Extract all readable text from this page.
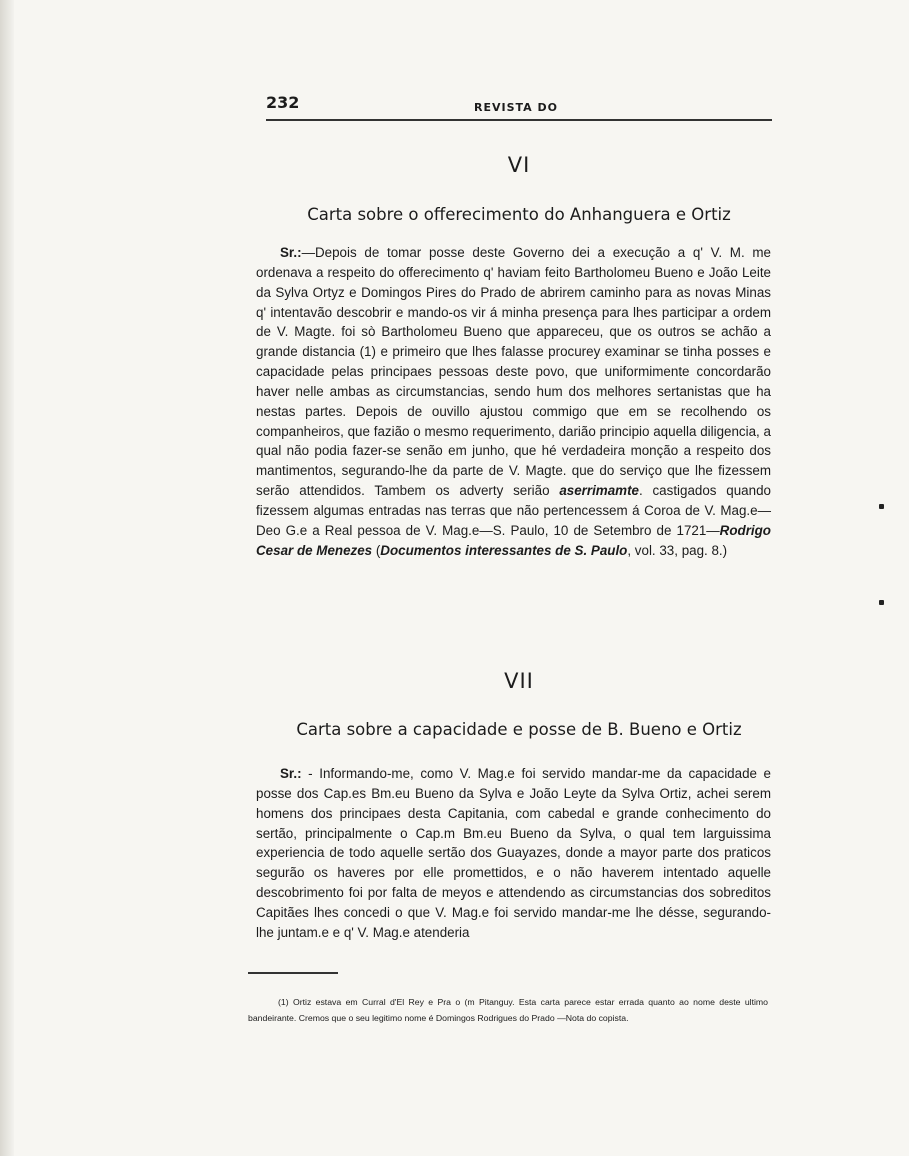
232	REVISTA DO
VI
Carta sobre o offerecimento do Anhanguera e Ortiz
Sr.:—Depois de tomar posse deste Governo dei a execução a q' V. M. me ordenava a respeito do offerecimento q' haviam feito Bartholomeu Bueno e João Leite da Sylva Ortyz e Domingos Pires do Prado de abrirem caminho para as novas Minas q' intentavão descobrir e mando-os vir á minha presença para lhes participar a ordem de V. Magte. foi sò Bartholomeu Bueno que appareceu, que os outros se achão a grande distancia (1) e primeiro que lhes falasse procurey examinar se tinha posses e capacidade pelas principaes pessoas deste povo, que uniformimente concordarão haver nelle ambas as circumstancias, sendo hum dos melhores sertanistas que ha nestas partes. Depois de ouvillo ajustou commigo que em se recolhendo os companheiros, que fazião o mesmo requerimento, darião principio aquella diligencia, a qual não podia fazer-se senão em junho, que hé verdadeira monção a respeito dos mantimentos, segurando-lhe da parte de V. Magte. que do serviço que lhe fizessem serão attendidos. Tambem os adverty serião aserrimamte. castigados quando fizessem algumas entradas nas terras que não pertencessem á Coroa de V. Mag.e—Deo G.e a Real pessoa de V. Mag.e—S. Paulo, 10 de Setembro de 1721—Rodrigo Cesar de Menezes (Documentos interessantes de S. Paulo, vol. 33, pag. 8.)
VII
Carta sobre a capacidade e posse de B. Bueno e Ortiz
Sr.: - Informando-me, como V. Mag.e foi servido mandar-me da capacidade e posse dos Cap.es Bm.eu Bueno da Sylva e João Leyte da Sylva Ortiz, achei serem homens dos principaes desta Capitania, com cabedal e grande conhecimento do sertão, principalmente o Cap.m Bm.eu Bueno da Sylva, o qual tem larguissima experiencia de todo aquelle sertão dos Guayazes, donde a mayor parte dos praticos segurão os haveres por elle promettidos, e o não haverem intentado aquelle descobrimento foi por falta de meyos e attendendo as circumstancias dos sobreditos Capitães lhes concedi o que V. Mag.e foi servido mandar-me lhe désse, segurando-lhe juntam.e e q' V. Mag.e atenderia
(1) Ortiz estava em Curral d'El Rey e Pra o (m Pitanguy. Esta carta parece estar errada quanto ao nome deste ultimo bandeirante. Cremos que o seu legitimo nome é Domingos Rodrigues do Prado —Nota do copista.
